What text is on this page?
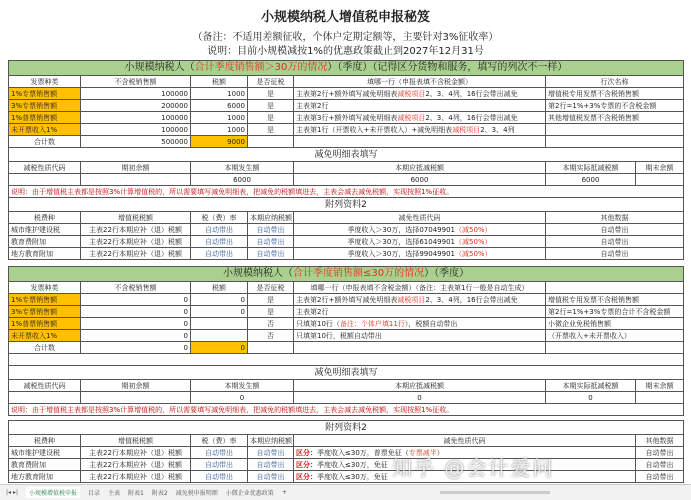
小规模纳税人增值税申报秘笈
（备注：不适用差额征收，个体户定期定额等，主要针对3%征收率）
说明：目前小规模减按1%的优惠政策截止到2027年12月31号
小规模纳税人（合计季度销售额＞30万的情况）（季度）（记得区分货物和服务，填写的列次不一样）						
发票种类	不含税销售额	税额	是否征税	填哪一行（申报表填不含税金额）	行次名称	
1%专票销售额	100000	1000	是	主表第2行+额外填写减免明细表减税项目2、3、4列，16行会带出减免	增值税专用发票不含税销售额	
3%专票销售额	200000	6000	是	主表第2行	第2行=1%+3%专票的不含税金额	
1%普票销售额	100000	1000	是	主表第3行+额外填写减免明细表减税项目2、3、4列，16行会带出减免	其他增值税发票不含税销售额	
未开票收入1%	100000	1000	是	主表第1行（开票收入+未开票收入）+减免明细表减税项目2、3、4列		
合计数	500000	9000				
减免明细表填写						
减税性质代码	期初余额	本期发生额		本期应抵减税额	本期实际抵减税额	期末余额
		6000		6000	6000	
说明：由于增值税主表都是按照3%计算增值税的，所以需要填写减免明细表，把减免的税额填进去，主表会减去减免税额，实现按照1%征收。						
附列资料2					
税费种	增值税税额	税（费）率	本期应纳税额	减免性质代码	其他数据
城市维护建设税	主表22行本期应补（退）税额	自动带出	自动带出	季度收入＞30万，选择07049901（减50%）	自动带出
教育费附加	主表22行本期应补（退）税额	自动带出	自动带出	季度收入＞30万，选择61049901（减50%）	自动带出
地方教育附加	主表22行本期应补（退）税额	自动带出	自动带出	季度收入＞30万，选择99049901（减50%）	自动带出
小规模纳税人（合计季度销售额≤30万的情况）（季度）						
发票种类	不含税销售额	税额	是否征税	填哪一行（申报表填不含税金额）（备注：主表第1行一般是自动生成）		
1%专票销售额	0	0	是	主表第2行+额外填写减免明细表减税项目2、3、4列，16行会带出减免	增值税专用发票不含税销售额	
3%专票销售额	0	0	是	主表第2行	第2行=1%+3%专票的合计不含税金额	
1%普票销售额	0		否	只填第10行（备注：个体户填11行），税额自动带出	小微企业免税销售额	
未开票收入1%	0		否	只填第10行，税额自动带出	（开票收入+未开票收入）	
合计数	0	0				

减免明细表填写						
减税性质代码	期初余额	本期发生额		本期应抵减税额	本期实际抵减税额	期末余额
		0		0	0	
说明：由于增值税主表都是按照3%计算增值税的，所以需要填写减免明细表，把减免的税额填进去，主表会减去减免税额，实现按照1%征收。						
附列资料2					
税费种	增值税税额	税（费）率	本期应纳税额	减免性质代码	其他数据
城市维护建设税	主表22行本期应补（退）税额	自动带出	自动带出	区分：季度收入≤30万，普票免征（专票减半）	自动带出
教育费附加	主表22行本期应补（退）税额	自动带出	自动带出	区分：季度收入≤30万，免征	自动带出
地方教育附加	主表22行本期应补（退）税额	自动带出	自动带出	区分：季度收入≤30万，免征	自动带出
知乎 @会计爱问
|◂ ▸|	小规模增值税申报	目录 主表 附表1 附表2 减免税申报明细 小微企业优惠政策 +
